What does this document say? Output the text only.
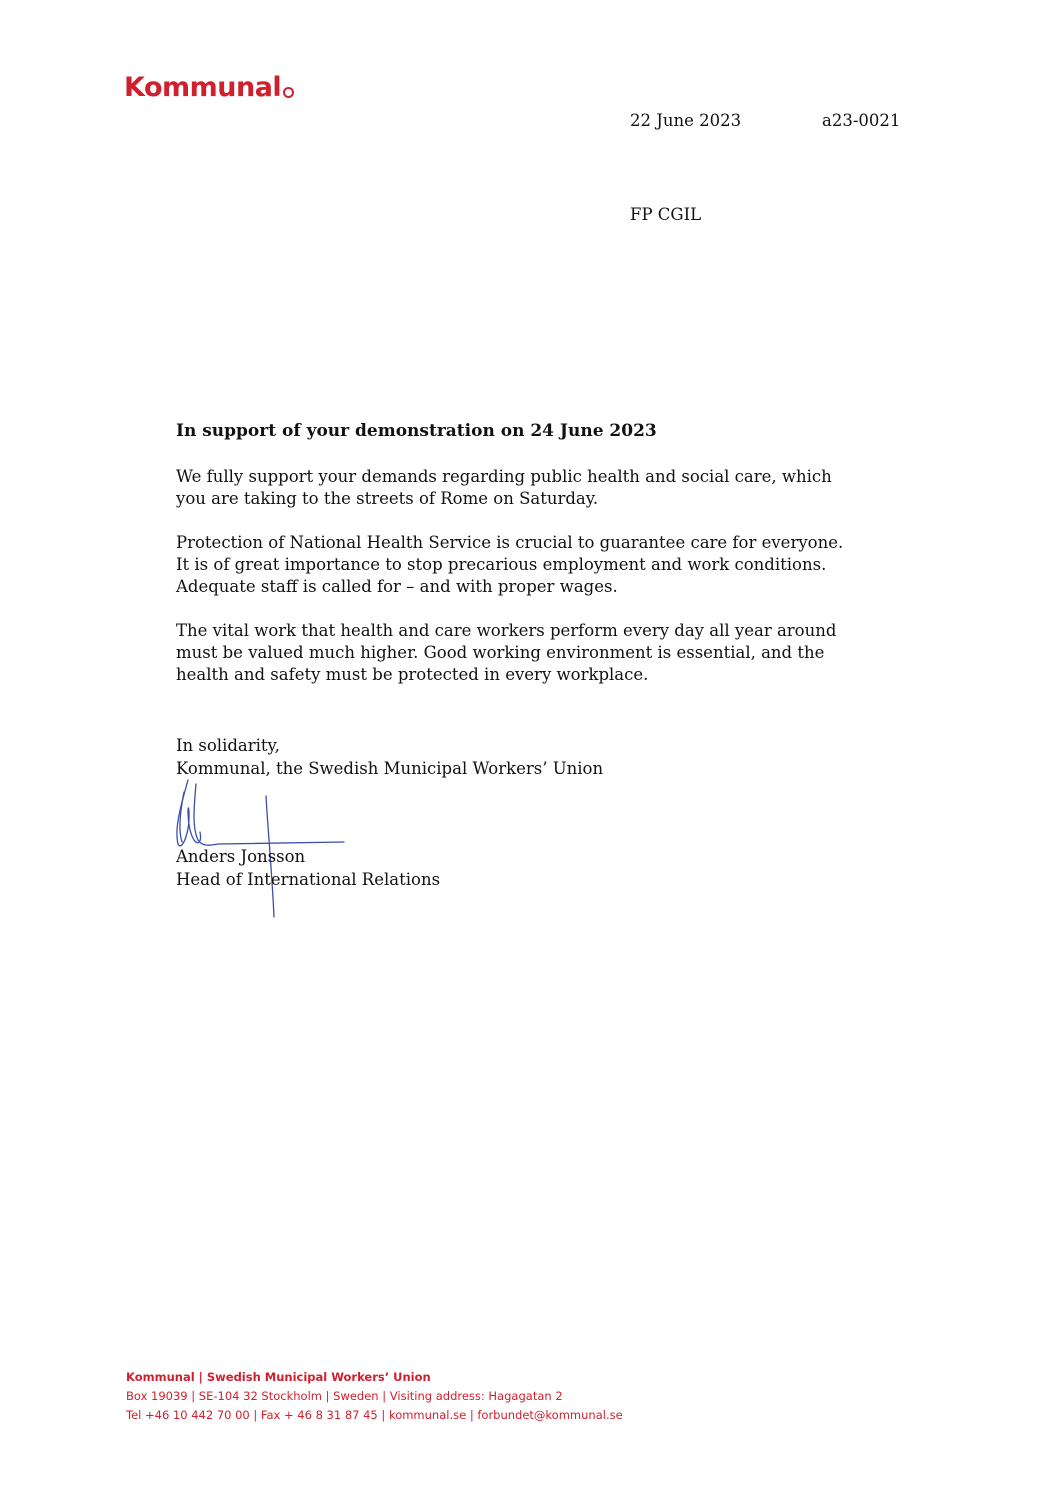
Kommunal
22 June 2023	a23-0021
FP CGIL
In support of your demonstration on 24 June 2023

We fully support your demands regarding public health and social care, which
you are taking to the streets of Rome on Saturday.

Protection of National Health Service is crucial to guarantee care for everyone.
It is of great importance to stop precarious employment and work conditions.
Adequate staff is called for – and with proper wages.

The vital work that health and care workers perform every day all year around
must be valued much higher. Good working environment is essential, and the
health and safety must be protected in every workplace.

In solidarity,
Kommunal, the Swedish Municipal Workers’ Union
Anders Jonsson
Head of International Relations
Kommunal | Swedish Municipal Workers’ Union
Box 19039 | SE-104 32 Stockholm | Sweden | Visiting address: Hagagatan 2
Tel +46 10 442 70 00 | Fax + 46 8 31 87 45 | kommunal.se | forbundet@kommunal.se
